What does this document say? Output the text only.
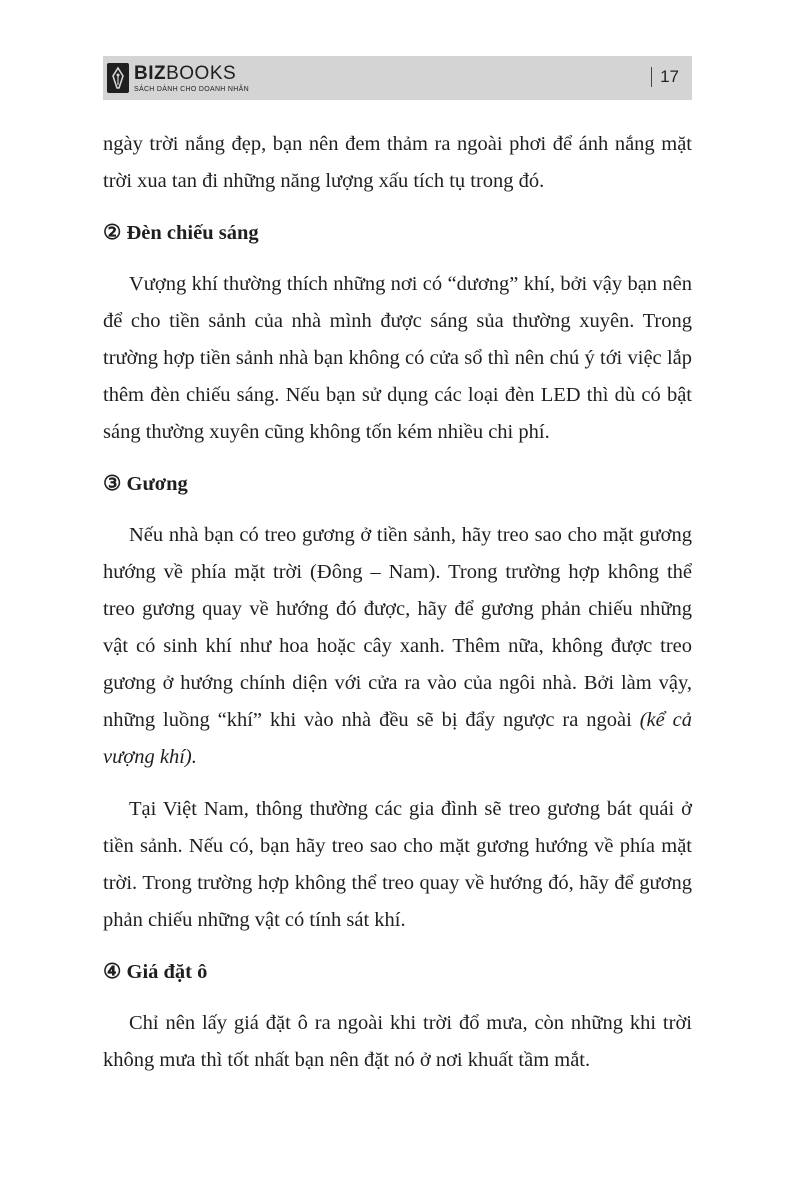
BIZBOOKS
SÁCH DÀNH CHO DOANH NHÂN
17

ngày trời nắng đẹp, bạn nên đem thảm ra ngoài phơi để ánh nắng mặt trời xua tan đi những năng lượng xấu tích tụ trong đó.

② Đèn chiếu sáng

Vượng khí thường thích những nơi có “dương” khí, bởi vậy bạn nên để cho tiền sảnh của nhà mình được sáng sủa thường xuyên. Trong trường hợp tiền sảnh nhà bạn không có cửa sổ thì nên chú ý tới việc lắp thêm đèn chiếu sáng. Nếu bạn sử dụng các loại đèn LED thì dù có bật sáng thường xuyên cũng không tốn kém nhiều chi phí.

③ Gương

Nếu nhà bạn có treo gương ở tiền sảnh, hãy treo sao cho mặt gương hướng về phía mặt trời (Đông – Nam). Trong trường hợp không thể treo gương quay về hướng đó được, hãy để gương phản chiếu những vật có sinh khí như hoa hoặc cây xanh. Thêm nữa, không được treo gương ở hướng chính diện với cửa ra vào của ngôi nhà. Bởi làm vậy, những luồng “khí” khi vào nhà đều sẽ bị đẩy ngược ra ngoài (kể cả vượng khí).

Tại Việt Nam, thông thường các gia đình sẽ treo gương bát quái ở tiền sảnh. Nếu có, bạn hãy treo sao cho mặt gương hướng về phía mặt trời. Trong trường hợp không thể treo quay về hướng đó, hãy để gương phản chiếu những vật có tính sát khí.

④ Giá đặt ô

Chỉ nên lấy giá đặt ô ra ngoài khi trời đổ mưa, còn những khi trời không mưa thì tốt nhất bạn nên đặt nó ở nơi khuất tầm mắt.
